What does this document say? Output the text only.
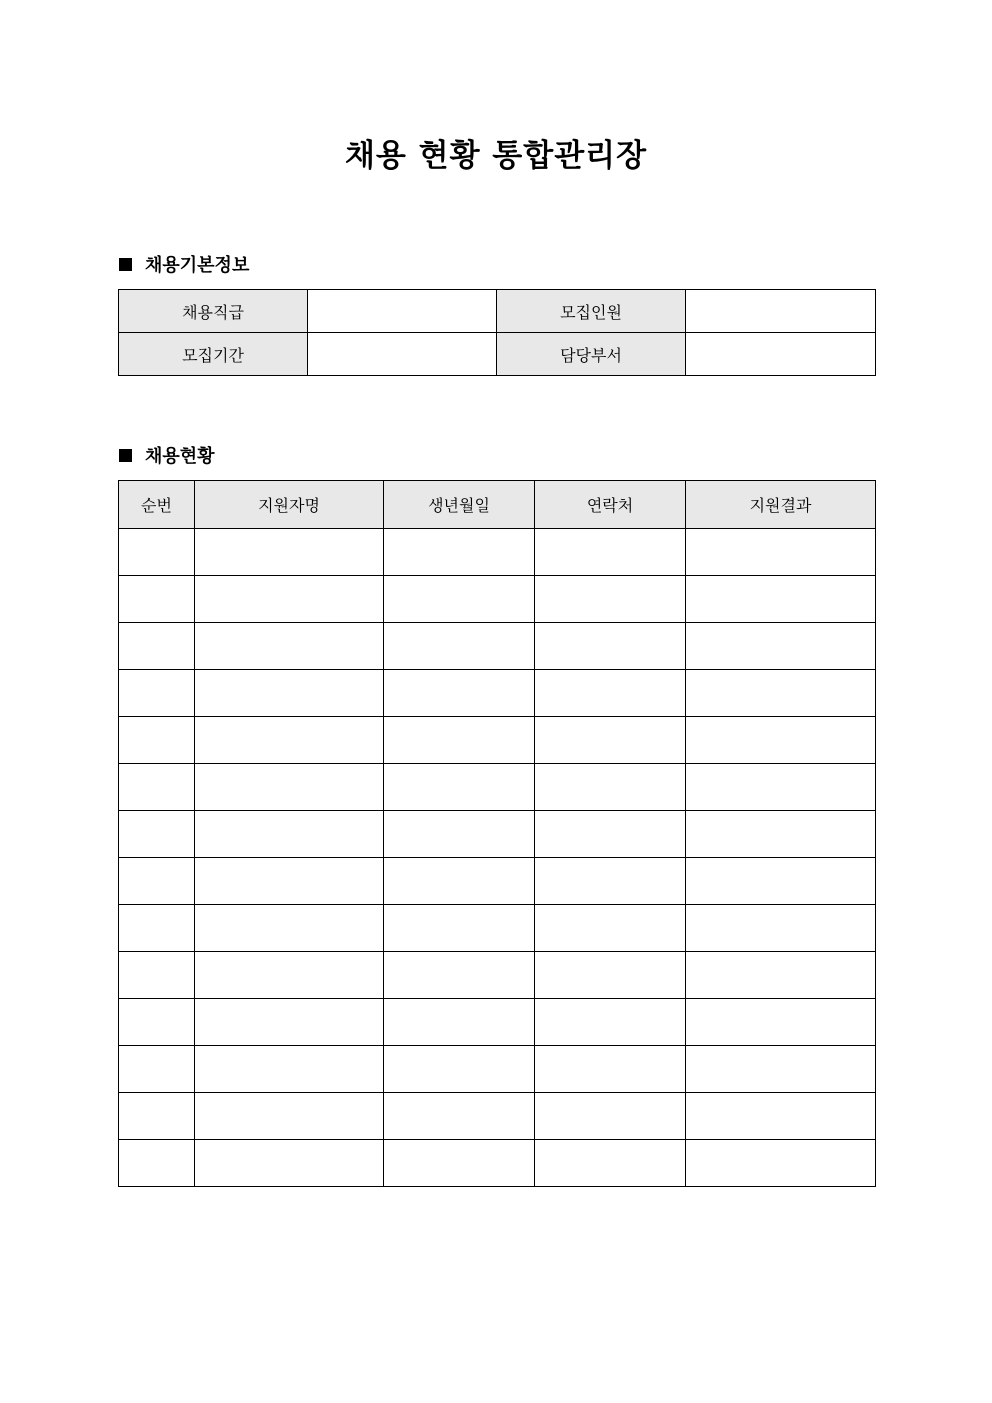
채용 현황 통합관리장
채용기본정보
채용직급		모집인원	
모집기간		담당부서	
채용현황
순번	지원자명	생년월일	연락처	지원결과
